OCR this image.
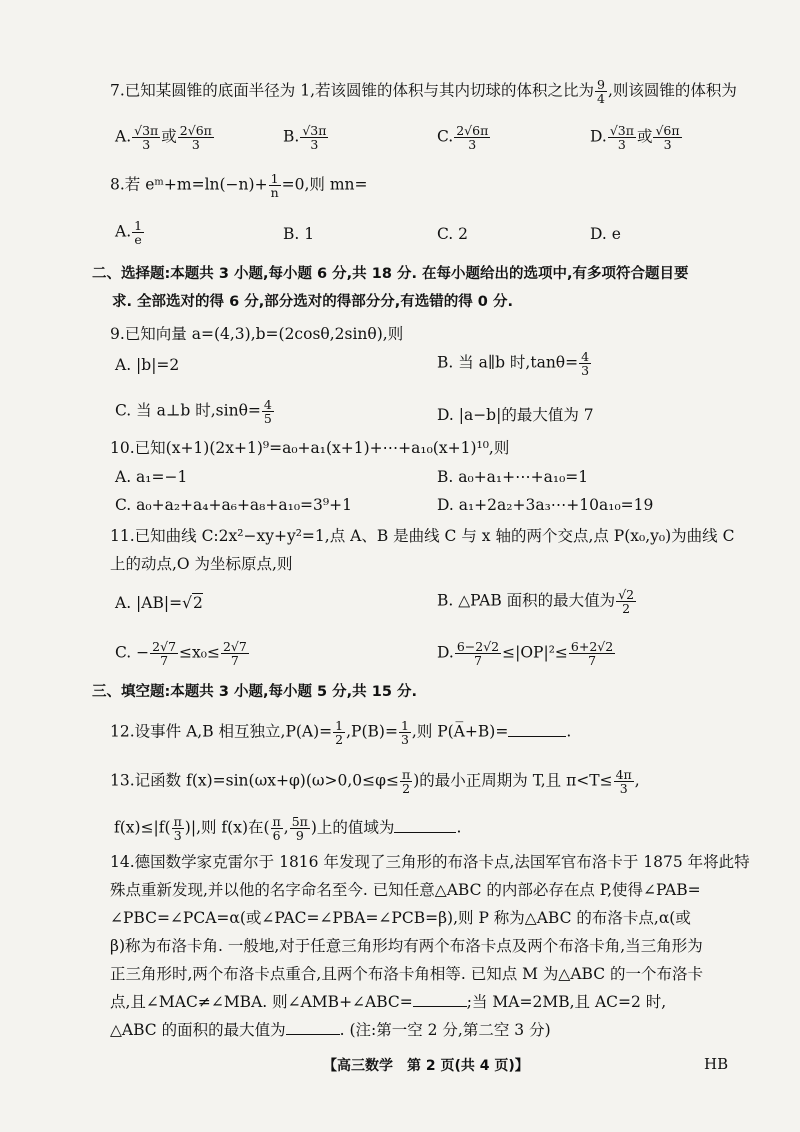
7.已知某圆锥的底面半径为 1,若该圆锥的体积与其内切球的体积之比为 $\frac{9}{4}$ ,则该圆锥的体积为
A. $\frac{√3\pi}{3}$ 或 $\frac{2√6\pi}{3}$	B. $\frac{√3\pi}{3}$	C. $\frac{2√6\pi}{3}$	D. $\frac{√3\pi}{3}$ 或 $\frac{√6\pi}{3}$
8.若 eᵐ+m=ln(−n)+ $\frac{1}{n} =0$,则 mn=
A. $\frac{1}{e}$	B. 1	C. 2	D. e
二、选择题:本题共 3 小题,每小题 6 分,共 18 分. 在每小题给出的选项中,有多项符合题目要
求. 全部选对的得 6 分,部分选对的得部分分,有选错的得 0 分.
9.已知向量 a=(4,3),b=(2cosθ,2sinθ),则
A. |b|=2	B. 当 a∥b 时$,\tan\theta= \frac{4}{3}$
C. 当 a⊥b 时$,\sin\theta= \frac{4}{5}$	D. |a−b|的最大值为 7
10.已知(x+1)(2x+1)⁹=a₀+a₁(x+1)+⋯+a₁₀(x+1)¹⁰,则
A. a₁=−1	B. a₀+a₁+⋯+a₁₀=1
C. a₀+a₂+a₄+a₆+a₈+a₁₀=3⁹+1	D. a₁+2a₂+3a₃⋯+10a₁₀=19
11.已知曲线 C:2x²−xy+y²=1,点 A、B 是曲线 C 与 x 轴的两个交点,点 P(x₀,y₀)为曲线 C
上的动点,O 为坐标原点,则
A. |AB|=√2	B. △PAB 面积的最大值为 $\frac{√2}{2}$
C. − $\frac{2√7}{7} \le x_0\le \frac{2√7}{7}$	D. $\frac{6-2√2}{7} \le|OP|^2\le \frac{6+2√2}{7}$
三、填空题:本题共 3 小题,每小题 5 分,共 15 分.
12.设事件 A,B 相互独立$,P(A)= \frac{1}{2} ,P(B)= \frac{1}{3}$ ,则 P(A̅+B)=	.
13.记函数 $f(x)=\sin(\omega x+\varphi)(\omega>0,0\le\varphi\le \frac{\pi}{2}$ )的最小正周期为 T,且 $\pi<T\le \frac{4\pi}{3}$ ,
$f(x)\le|f( \frac{\pi}{3}$ )|,则 f(x)在( $\frac{\pi}{6}$ , $\frac{5\pi}{9}$ )上的值域为	.
14.德国数学家克雷尔于 1816 年发现了三角形的布洛卡点,法国军官布洛卡于 1875 年将此特
殊点重新发现,并以他的名字命名至今. 已知任意△ABC 的内部必存在点 P,使得∠PAB=
∠PBC=∠PCA=α(或∠PAC=∠PBA=∠PCB=β),则 P 称为△ABC 的布洛卡点,α(或
β)称为布洛卡角. 一般地,对于任意三角形均有两个布洛卡点及两个布洛卡角,当三角形为
正三角形时,两个布洛卡点重合,且两个布洛卡角相等. 已知点 M 为△ABC 的一个布洛卡
点,且∠MAC≠∠MBA. 则∠AMB+∠ABC=	;当 MA=2MB,且 AC=2 时,
△ABC 的面积的最大值为	. (注:第一空 2 分,第二空 3 分)
【高三数学　第 2 页(共 4 页)】	HB
